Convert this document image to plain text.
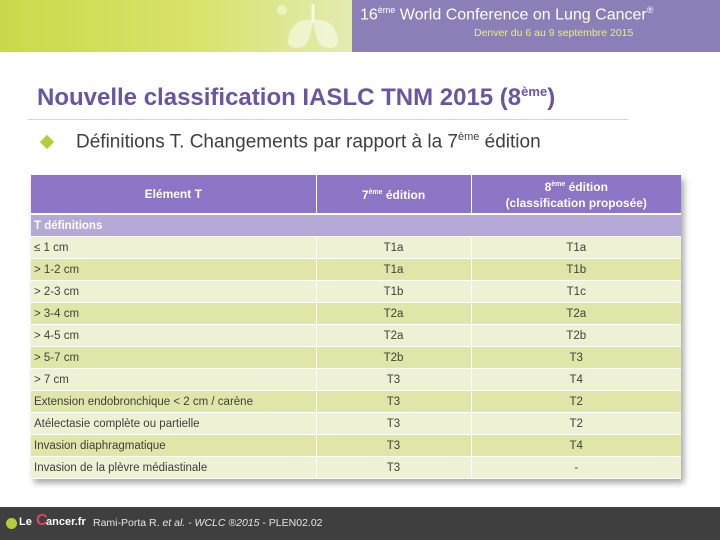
16ème World Conference on Lung Cancer®
Denver du 6 au 9 septembre 2015
Nouvelle classification IASLC TNM 2015 (8ème)
Définitions T. Changements par rapport à la 7ème édition
Elément T	7ème édition	8ème édition
(classification proposée)
T définitions		
≤ 1 cm	T1a	T1a
> 1-2 cm	T1a	T1b
> 2-3 cm	T1b	T1c
> 3-4 cm	T2a	T2a
> 4-5 cm	T2a	T2b
> 5-7 cm	T2b	T3
> 7 cm	T3	T4
Extension endobronchique < 2 cm / carène	T3	T2
Atélectasie complète ou partielle	T3	T2
Invasion diaphragmatique	T3	T4
Invasion de la plèvre médiastinale	T3	-
Le C
ancer.fr Rami-Porta R. et al. - WCLC ®2015 - PLEN02.02
